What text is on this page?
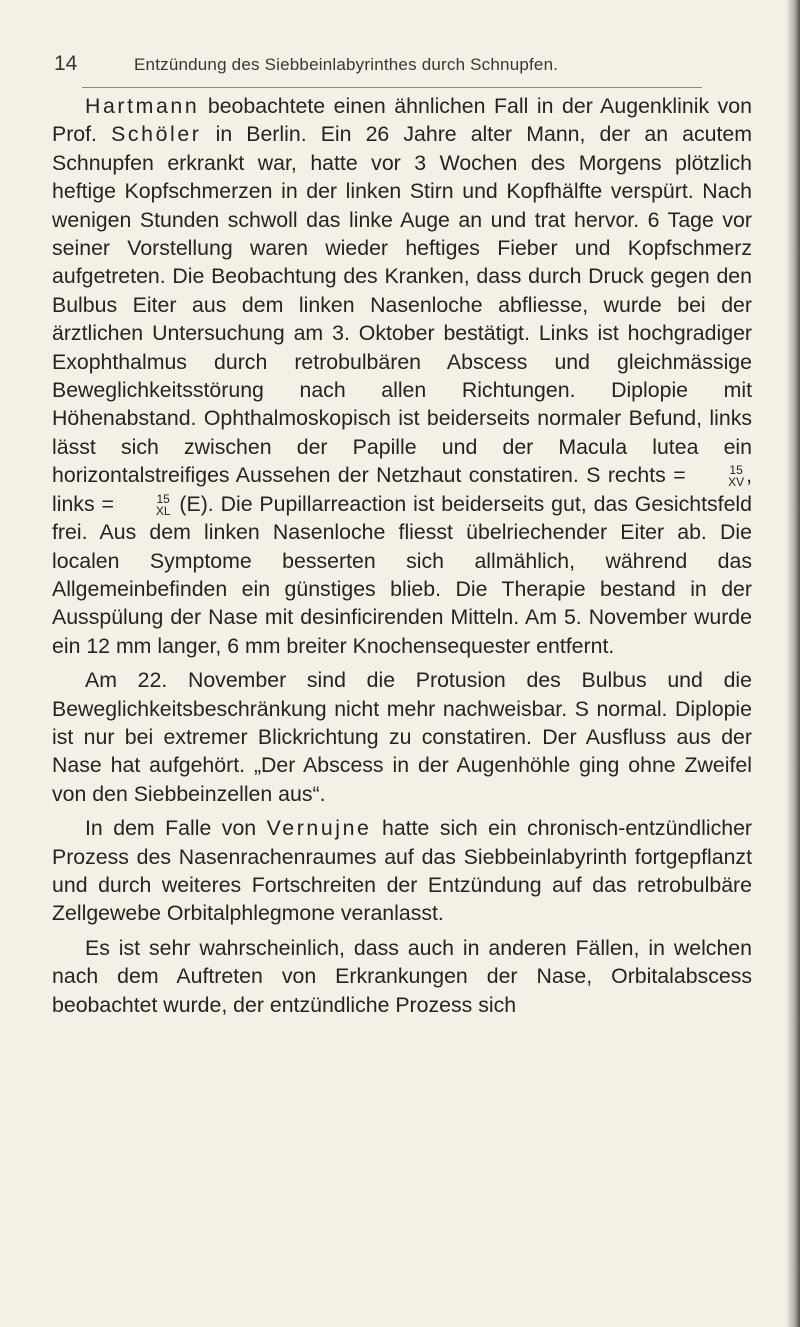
14	Entzündung des Siebbeinlabyrinthes durch Schnupfen.

Hartmann beobachtete einen ähnlichen Fall in der Augenklinik von Prof. Schöler in Berlin. Ein 26 Jahre alter Mann, der an acutem Schnupfen erkrankt war, hatte vor 3 Wochen des Morgens plötzlich heftige Kopfschmerzen in der linken Stirn und Kopfhälfte verspürt. Nach wenigen Stunden schwoll das linke Auge an und trat hervor. 6 Tage vor seiner Vorstellung waren wieder heftiges Fieber und Kopfschmerz aufgetreten. Die Beobachtung des Kranken, dass durch Druck gegen den Bulbus Eiter aus dem linken Nasenloche abfliesse, wurde bei der ärztlichen Untersuchung am 3. Oktober bestätigt. Links ist hochgradiger Exophthalmus durch retrobulbären Abscess und gleichmässige Beweglichkeitsstörung nach allen Richtungen. Diplopie mit Höhenabstand. Ophthalmoskopisch ist beiderseits normaler Befund, links lässt sich zwischen der Papille und der Macula lutea ein horizontalstreifiges Aussehen der Netzhaut constatiren. S rechts =	15
XV , links =	15
XL (E). Die Pupillarreaction ist beiderseits gut, das Gesichtsfeld frei. Aus dem linken Nasenloche fliesst übelriechender Eiter ab. Die localen Symptome besserten sich allmählich, während das Allgemeinbefinden ein günstiges blieb. Die Therapie bestand in der Ausspülung der Nase mit desinficirenden Mitteln. Am 5. November wurde ein 12 mm langer, 6 mm breiter Knochensequester entfernt.

Am 22. November sind die Protusion des Bulbus und die Beweglichkeitsbeschränkung nicht mehr nachweisbar. S normal. Diplopie ist nur bei extremer Blickrichtung zu constatiren. Der Ausfluss aus der Nase hat aufgehört. „Der Abscess in der Augenhöhle ging ohne Zweifel von den Siebbeinzellen aus“.

In dem Falle von Vernujne hatte sich ein chronisch-entzündlicher Prozess des Nasenrachenraumes auf das Siebbeinlabyrinth fortgepflanzt und durch weiteres Fortschreiten der Entzündung auf das retrobulbäre Zellgewebe Orbitalphlegmone veranlasst.

Es ist sehr wahrscheinlich, dass auch in anderen Fällen, in welchen nach dem Auftreten von Erkrankungen der Nase, Orbitalabscess beobachtet wurde, der entzündliche Prozess sich
